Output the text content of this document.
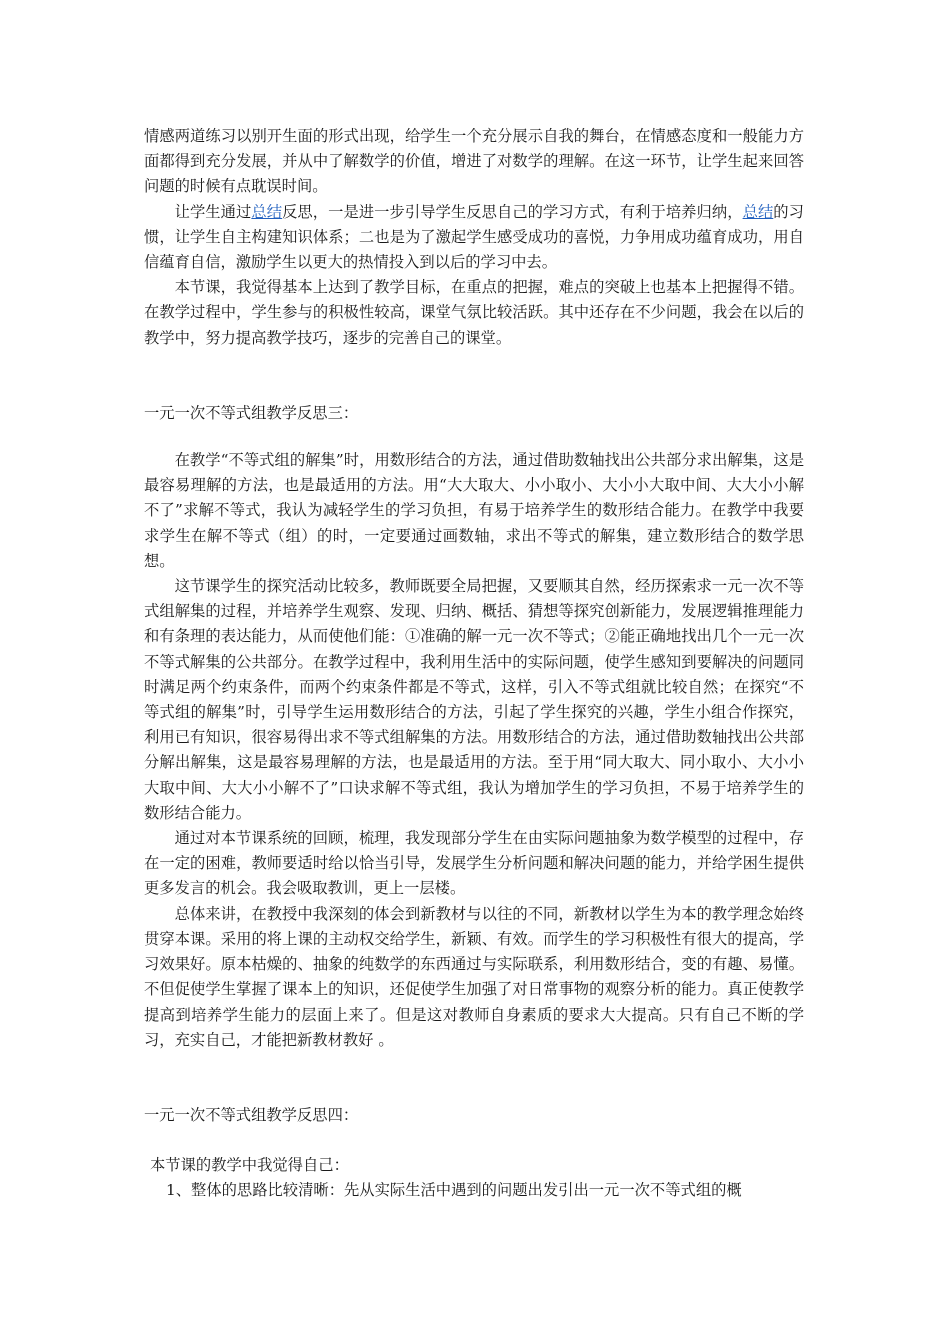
情感两道练习以别开生面的形式出现，给学生一个充分展示自我的舞台，在情感态度和一般能力方面都得到充分发展，并从中了解数学的价值，增进了对数学的理解。在这一环节，让学生起来回答问题的时候有点耽误时间。

让学生通过总结反思，一是进一步引导学生反思自己的学习方式，有利于培养归纳，总结的习惯，让学生自主构建知识体系；二也是为了激起学生感受成功的喜悦，力争用成功蕴育成功，用自信蕴育自信，激励学生以更大的热情投入到以后的学习中去。

本节课，我觉得基本上达到了教学目标，在重点的把握，难点的突破上也基本上把握得不错。在教学过程中，学生参与的积极性较高，课堂气氛比较活跃。其中还存在不少问题，我会在以后的教学中，努力提高教学技巧，逐步的完善自己的课堂。

一元一次不等式组教学反思三：

在教学“不等式组的解集”时，用数形结合的方法，通过借助数轴找出公共部分求出解集，这是最容易理解的方法，也是最适用的方法。用“大大取大、小小取小、大小小大取中间、大大小小解不了”求解不等式，我认为减轻学生的学习负担，有易于培养学生的数形结合能力。在教学中我要求学生在解不等式（组）的时，一定要通过画数轴，求出不等式的解集，建立数形结合的数学思想。

这节课学生的探究活动比较多，教师既要全局把握，又要顺其自然，经历探索求一元一次不等式组解集的过程，并培养学生观察、发现、归纳、概括、猜想等探究创新能力，发展逻辑推理能力和有条理的表达能力，从而使他们能：①准确的解一元一次不等式；②能正确地找出几个一元一次不等式解集的公共部分。在教学过程中，我利用生活中的实际问题，使学生感知到要解决的问题同时满足两个约束条件，而两个约束条件都是不等式，这样，引入不等式组就比较自然；在探究“不等式组的解集”时，引导学生运用数形结合的方法，引起了学生探究的兴趣，学生小组合作探究，利用已有知识，很容易得出求不等式组解集的方法。用数形结合的方法，通过借助数轴找出公共部分解出解集，这是最容易理解的方法，也是最适用的方法。至于用“同大取大、同小取小、大小小大取中间、大大小小解不了”口诀求解不等式组，我认为增加学生的学习负担，不易于培养学生的数形结合能力。

通过对本节课系统的回顾，梳理，我发现部分学生在由实际问题抽象为数学模型的过程中，存在一定的困难，教师要适时给以恰当引导，发展学生分析问题和解决问题的能力，并给学困生提供更多发言的机会。我会吸取教训，更上一层楼。

总体来讲，在教授中我深刻的体会到新教材与以往的不同，新教材以学生为本的教学理念始终贯穿本课。采用的将上课的主动权交给学生，新颖、有效。而学生的学习积极性有很大的提高，学习效果好。原本枯燥的、抽象的纯数学的东西通过与实际联系，利用数形结合，变的有趣、易懂。不但促使学生掌握了课本上的知识，还促使学生加强了对日常事物的观察分析的能力。真正使教学提高到培养学生能力的层面上来了。但是这对教师自身素质的要求大大提高。只有自己不断的学习，充实自己，才能把新教材教好 。

一元一次不等式组教学反思四：

本节课的教学中我觉得自己：

1、整体的思路比较清晰：先从实际生活中遇到的问题出发引出一元一次不等式组的概
